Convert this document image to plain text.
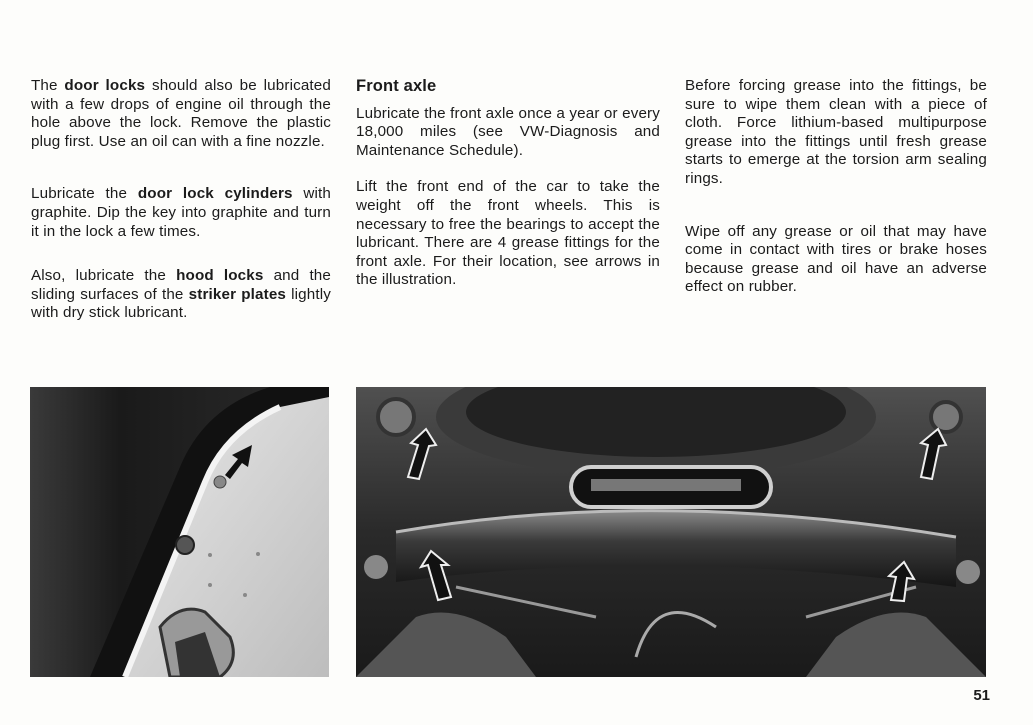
The door locks should also be lubricated with a few drops of engine oil through the hole above the lock. Remove the plastic plug first. Use an oil can with a fine nozzle.

Lubricate the door lock cylinders with graphite. Dip the key into graphite and turn it in the lock a few times.

Also, lubricate the hood locks and the sliding surfaces of the striker plates lightly with dry stick lubricant.

Front axle

Lubricate the front axle once a year or every 18,000 miles (see VW-Diagnosis and Maintenance Schedule).

Lift the front end of the car to take the weight off the front wheels. This is necessary to free the bearings to accept the lubricant. There are 4 grease fittings for the front axle. For their location, see arrows in the illustration.

Before forcing grease into the fittings, be sure to wipe them clean with a piece of cloth. Force lithium-based multipurpose grease into the fittings until fresh grease starts to emerge at the torsion arm sealing rings.

Wipe off any grease or oil that may have come in contact with tires or brake hoses because grease and oil have an adverse effect on rubber.

51
